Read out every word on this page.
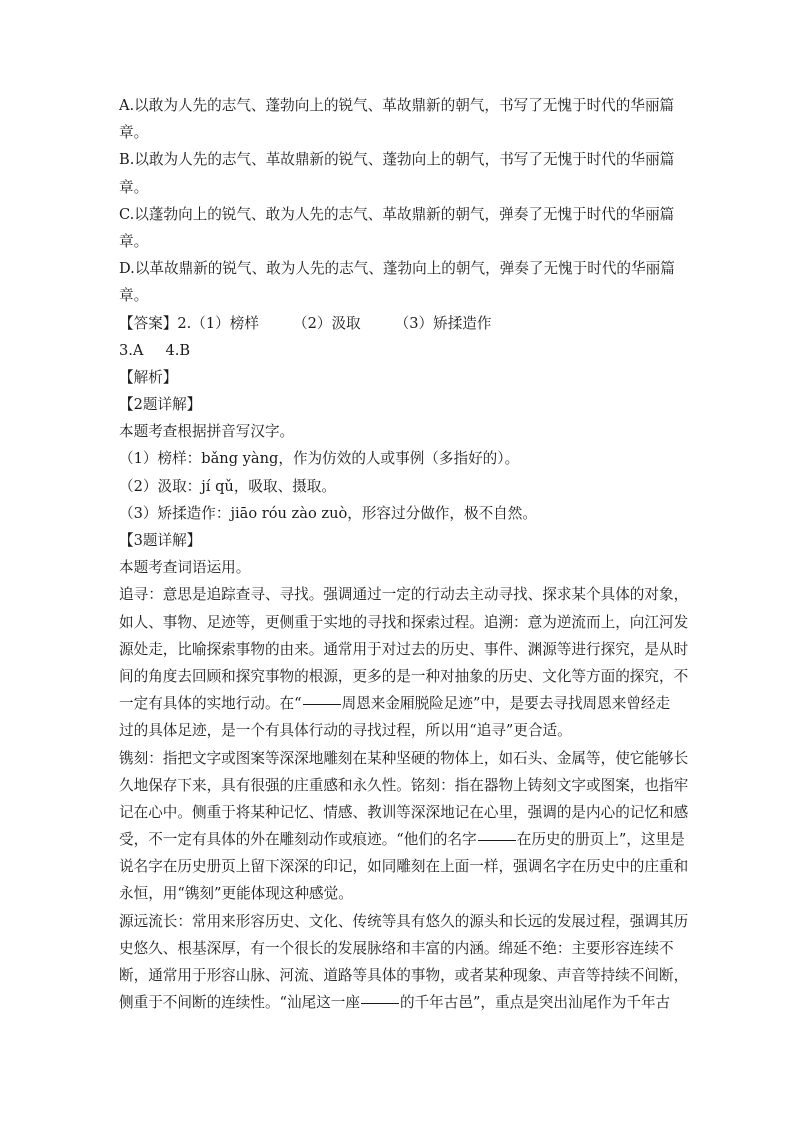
A.以敢为人先的志气、蓬勃向上的锐气、革故鼎新的朝气，书写了无愧于时代的华丽篇
章。
B.以敢为人先的志气、革故鼎新的锐气、蓬勃向上的朝气，书写了无愧于时代的华丽篇
章。
C.以蓬勃向上的锐气、敢为人先的志气、革故鼎新的朝气，弹奏了无愧于时代的华丽篇
章。
D.以革故鼎新的锐气、敢为人先的志气、蓬勃向上的朝气，弹奏了无愧于时代的华丽篇
章。
【答案】2.（1）榜样 （2）汲取 （3）矫揉造作
3.A 4.B
【解析】
【2题详解】
本题考查根据拼音写汉字。
（1）榜样：bǎng yàng，作为仿效的人或事例（多指好的）。
（2）汲取：jí qǔ，吸取、摄取。
（3）矫揉造作：jiāo róu zào zuò，形容过分做作，极不自然。
【3题详解】
本题考查词语运用。
追寻：意思是追踪查寻、寻找。强调通过一定的行动去主动寻找、探求某个具体的对象，
如人、事物、足迹等，更侧重于实地的寻找和探索过程。追溯：意为逆流而上，向江河发
源处走，比喻探索事物的由来。通常用于对过去的历史、事件、渊源等进行探究，是从时
间的角度去回顾和探究事物的根源，更多的是一种对抽象的历史、文化等方面的探究，不
一定有具体的实地行动。在“	周恩来金厢脱险足迹”中，是要去寻找周恩来曾经走
过的具体足迹，是一个有具体行动的寻找过程，所以用“追寻”更合适。
镌刻：指把文字或图案等深深地雕刻在某种坚硬的物体上，如石头、金属等，使它能够长
久地保存下来，具有很强的庄重感和永久性。铭刻：指在器物上铸刻文字或图案，也指牢
记在心中。侧重于将某种记忆、情感、教训等深深地记在心里，强调的是内心的记忆和感
受，不一定有具体的外在雕刻动作或痕迹。“他们的名字	在历史的册页上”，这里是
说名字在历史册页上留下深深的印记，如同雕刻在上面一样，强调名字在历史中的庄重和
永恒，用“镌刻”更能体现这种感觉。
源远流长：常用来形容历史、文化、传统等具有悠久的源头和长远的发展过程，强调其历
史悠久、根基深厚，有一个很长的发展脉络和丰富的内涵。绵延不绝：主要形容连续不
断，通常用于形容山脉、河流、道路等具体的事物，或者某种现象、声音等持续不间断，
侧重于不间断的连续性。“汕尾这一座	的千年古邑”，重点是突出汕尾作为千年古
